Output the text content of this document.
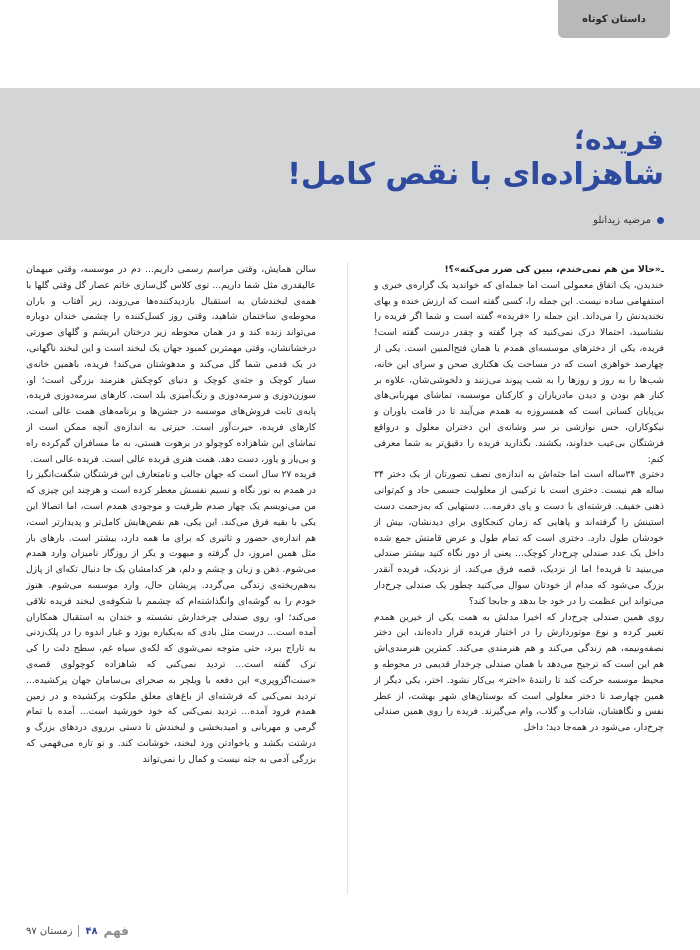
داستان کوتاه
فریده؛
شاهزاده‌ای با نقص کامل!
مرضیه زیدانلو

ـ«حالا من هم نمی‌خندم، ببین کی ضرر می‌کنه»؟!

خندیدن، یک اتفاق معمولی است اما جمله‌ای که خواندید یک گزاره‌ی خبری و استفهامی ساده نیست. این جمله را، کسی گفته است که ارزش خنده و بهای نخندیدنش را می‌داند. این جمله را «فریده» گفته است و شما اگر فریده را نشناسید، احتمالا درک نمی‌کنید که چرا گفته و چقدر درست گفته است! فریده، یکی از دخترهای موسسه‌ای همدم یا همان فتح‌المبین است. یکی از چهارصد خواهری است که در مساحت یک هکتاری صحن و سرای این خانه، شب‌ها را به روز و روزها را به شب پیوند می‌زنند و دلخوشی‌شان، علاوه بر کنار هم بودن و دیدن مادریاران و کارکنان موسسه، تماشای مهربانی‌های بی‌پایان کسانی است که همسروزه به همدم می‌آیند تا در قامت یاوران و نیکوکاران، حس نوازشی بر سر وشانه‌ی این دختران معلول و درواقع فرشتگان بی‌عیب خداوند، بکشند. بگذارید فریده را دقیق‌تر به شما معرفی کنم:

دختری ۳۴ساله است اما جثه‌اش به اندازه‌ی نصف تصورتان از یک دختر ۳۴ ساله هم نیست. دختری است با ترکیبی از معلولیت جسمی حاد و کم‌توانی ذهنی خفیف. فرشته‌ای با دست و پای دفرمه... دستهایی که به‌زحمت دست استینش را گرفته‌اند و پاهایی که زمان کنجکاوی برای دیدنشان، بیش از خودشان طول دارد. دختری است که تمام طول و عرض قامتش جمع شده داخل یک عدد صندلی چرخ‌دار کوچک... یعنی از دور نگاه کنید بیشتر صندلی می‌بینید تا فریده! اما از نزدیک، قصه فرق می‌کند. از نزدیک، فریده آنقدر بزرگ می‌شود که مدام از خودتان سوال می‌کنید چطور یک صندلی چرخ‌دار می‌تواند این عظمت را در خود جا بدهد و جابجا کند؟

روی همین صندلی چرخ‌دار که اخیرا مدلش به همت یکی از خیرین همدم تغییر کرده و نوع موتوردارش را در اختیار فریده قرار داده‌اند، این دختر نصفه‌ونیمه، هم زندگی می‌کند و هم هنرمندی می‌کند. کمترین هنرمندی‌اش هم این است که ترجیح می‌دهد با همان صندلی چرخدار قدیمی در محوطه و محیط موسسه حرکت کند تا رانندهٔ «اختر» بی‌کار نشود. اختر، یکی دیگر از همین چهارصد تا دختر معلولی است که بوستان‌های شهر بهشت، از عطر نفس و نگاهشان، شاداب و گلاب، وام می‌گیرند. فریده را روی همین صندلی چرخ‌دار، می‌شود در همه‌جا دید؛ داخل

سالن همایش، وقتی مراسم رسمی داریم... دم در موسسه، وقتی میهمان عالیقدری مثل شما داریم... توی کلاس گل‌سازی خانم عصار گل وقتی گلها با همه‌ی لبخندشان به استقبال بازدیدکننده‌ها می‌روند، زیر آفتاب و باران محوطه‌ی ساختمان شاهید، وقتی روز کسل‌کننده را چشمی خندان دوباره می‌تواند زنده کند و در همان محوطه زیر درختان ابریشم و گلهای صورتی درخشانشان، وقتی مهمترین کمبود جهان یک لبخند است و این لبخند ناگهانی، در یک قدمی شما گل می‌کند و مدهوشتان می‌کند! فریده، باهمین خانه‌ی سیار کوچک و جثه‌ی کوچک و دنیای کوچکش هنرمند بزرگی است؛ او، سوزن‌دوزی و سرمه‌دوزی و رنگ‌آمیزی بلد است. کارهای سرمه‌دوزی فریده، پایه‌ی ثابت فروش‌های موسسه در جشن‌ها و برنامه‌های همت عالی است. کارهای فریده، حیرت‌آور است. حیرتی به اندازه‌ی آنچه ممکن است از تماشای این شاهزاده کوچولو در برهوت هستی، به ما مسافران گم‌کرده راه و بی‌یار و یاور، دست دهد. همت هنری فریده عالی است. فریده عالی است.

فریده ۲۷ سال است که جهان جالب و نامتعارف این فرشتگان شگفت‌انگیز را در همدم به نور نگاه و نسیم نفسش معطر کرده است و هرچند این چیزی که من می‌نویسم یک چهار صدم ظرفیت و موجودی همدم است، اما اتصالا این یکی با بقیه فرق می‌کند. این یکی، هم نقص‌هایش کامل‌تر و پدیدارتر است، هم اندازه‌ی حضور و تاثیری که برای ما همه دارد، بیشتر است. بارهای بار مثل همین امروز، دل گرفته و مبهوت و یکر از روزگار نامیزان وارد همدم می‌شوم. ذهن و زبان و چشم و دلم، هر کدامشان یک جا دنبال تکه‌ای از پازل به‌هم‌ریخته‌ی زندگی می‌گردد. پریشان حال، وارد موسسه می‌شوم. هنوز خودم را به گوشه‌ای وانگذاشته‌ام که چشمم با شکوفه‌ی لبخند فریده تلاقی می‌کند؛ او، روی صندلی چرخدارش نشسته و خندان به استقبال همکاران آمده است... درست مثل بادی که به‌یکباره بوزد و غبار اندوه را در پلک‌زدنی به تاراج ببرد، حتی متوجه نمی‌شوی که لکه‌ی سیاه غم، سطح دلت را کی ترک گفته است... تردید نمی‌کنی که شاهزاده کوچولوی قصه‌ی «سنت‌اگزوپری» این دفعه با ویلچر به صحرای بی‌سامان جهان پرکشیده... تردید نمی‌کنی که فرشته‌ای از باغ‌های معلق ملکوت پرکشیده و در زمین همدم فرود آمده... تردید نمی‌کنی که خود خورشید است... آمده با تمام گرمی و مهربانی و امیدبخشی و لبخندش تا دستی برروی دردهای بزرگ و درشتت بکشد و یاخوادتن ورد لبخند، خوشانت کند. و تو تازه می‌فهمی که بزرگی آدمی به جثه نیست و کمال را نمی‌تواند

فهم
۴۸
زمستان ۹۷
